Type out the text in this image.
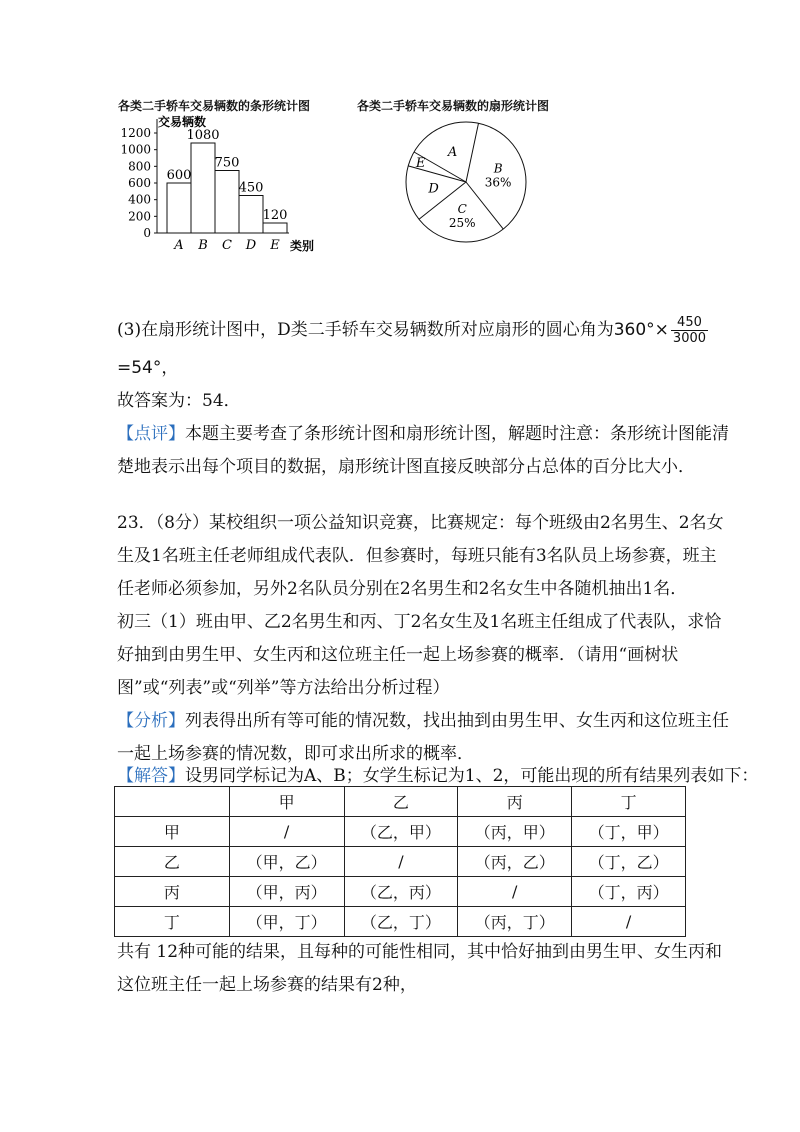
各类二手轿车交易辆数的条形统计图	各类二手轿车交易辆数的扇形统计图
0
200
400
600
800
1000
1200
600
A
1080
B
750
C
450
D
120
E
交易辆数
类别
B 36%
C 25%
D
E
A
(3)在扇形统计图中，D类二手轿车交易辆数所对应扇形的圆心角为$360^\circ\times \frac{450}{3000}$
=54°，
故答案为：54．
【点评】本题主要考查了条形统计图和扇形统计图，解题时注意：条形统计图能清
楚地表示出每个项目的数据，扇形统计图直接反映部分占总体的百分比大小．
23．（8分）某校组织一项公益知识竞赛，比赛规定：每个班级由2名男生、2名女
生及1名班主任老师组成代表队．但参赛时，每班只能有3名队员上场参赛，班主
任老师必须参加，另外2名队员分别在2名男生和2名女生中各随机抽出1名．
初三（1）班由甲、乙2名男生和丙、丁2名女生及1名班主任组成了代表队，求恰
好抽到由男生甲、女生丙和这位班主任一起上场参赛的概率．（请用“画树状
图”或“列表”或“列举”等方法给出分析过程）
【分析】列表得出所有等可能的情况数，找出抽到由男生甲、女生丙和这位班主任
一起上场参赛的情况数，即可求出所求的概率．
【解答】设男同学标记为A、B；女学生标记为1、2，可能出现的所有结果列表如下：
	甲	乙	丙	丁
甲	/	（乙，甲）	（丙，甲）	（丁，甲）
乙	（甲，乙）	/	（丙，乙）	（丁，乙）
丙	（甲，丙）	（乙，丙）	/	（丁，丙）
丁	（甲，丁）	（乙，丁）	（丙，丁）	/
共有 12种可能的结果，且每种的可能性相同，其中恰好抽到由男生甲、女生丙和
这位班主任一起上场参赛的结果有2种，
